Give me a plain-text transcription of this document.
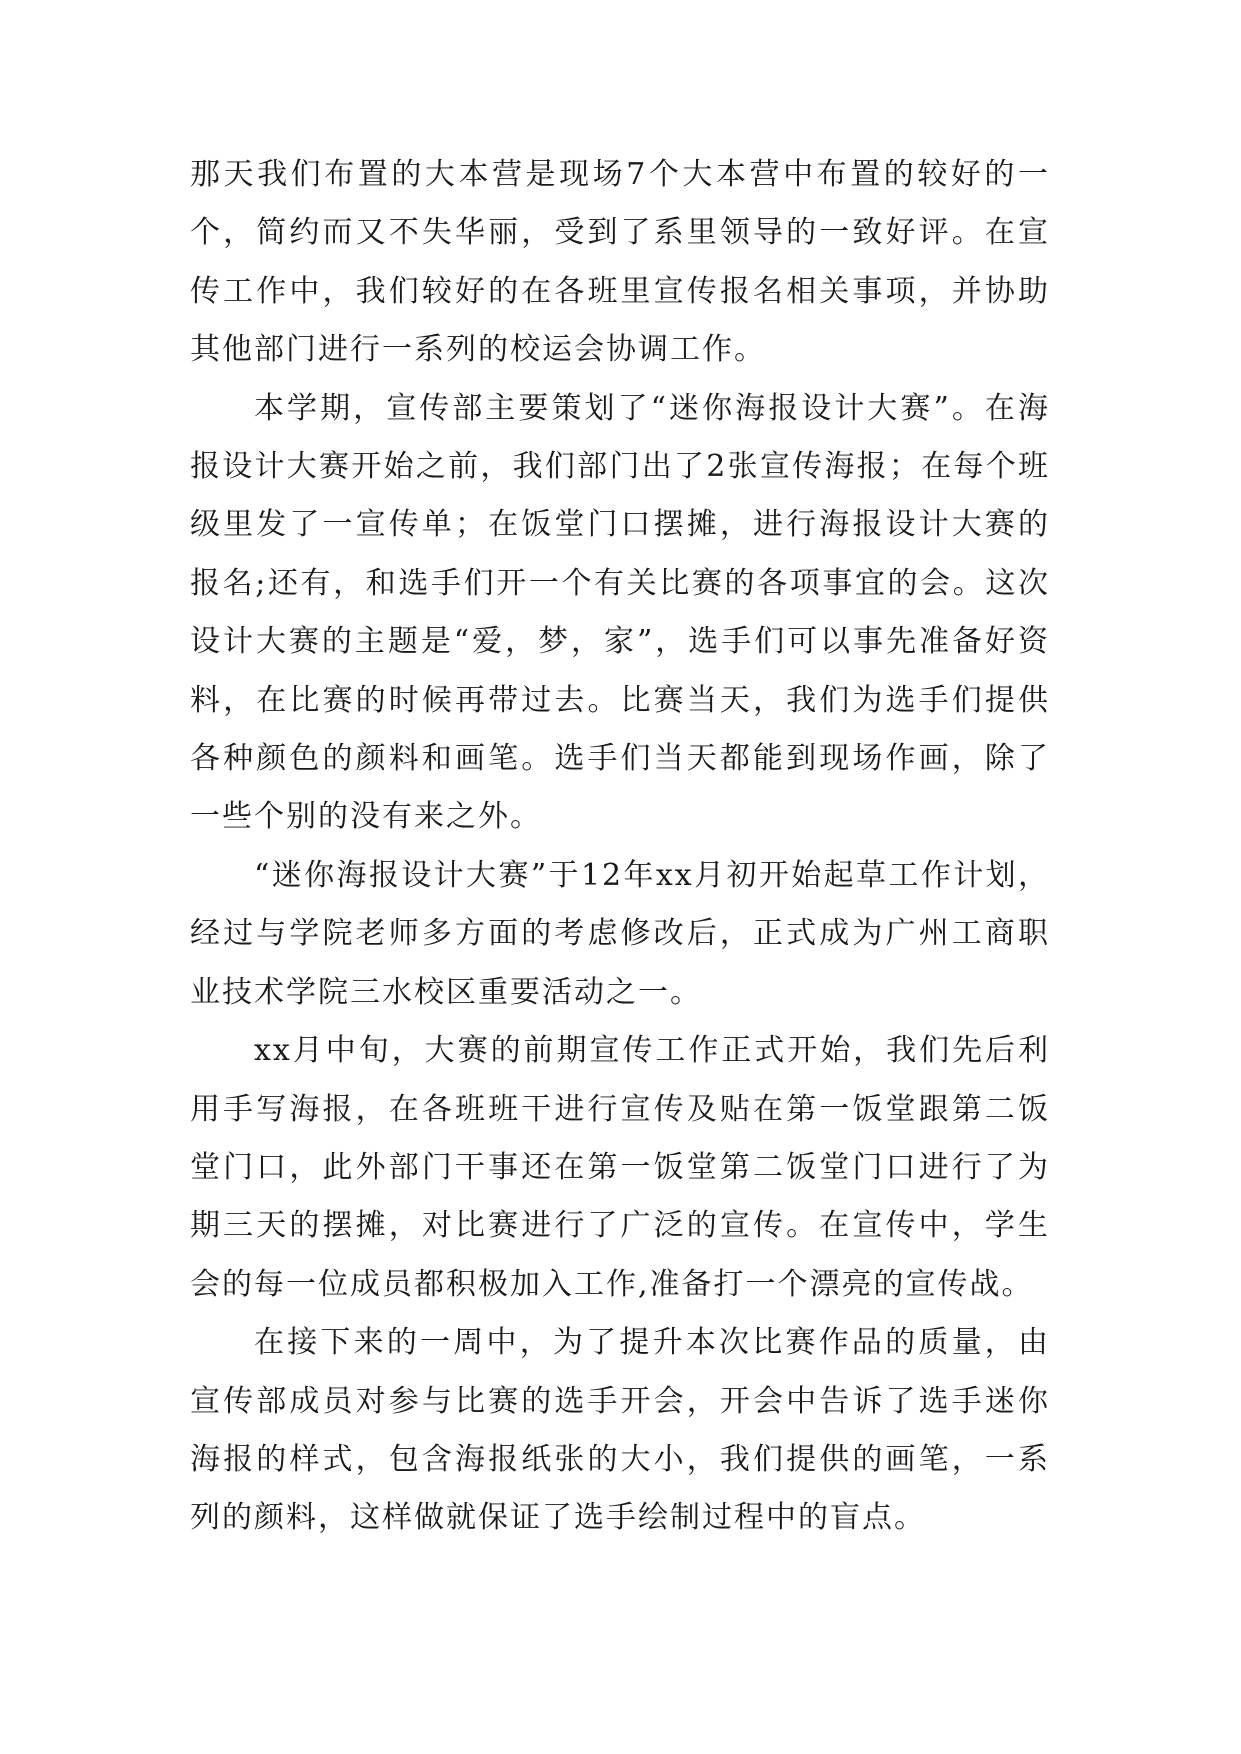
那天我们布置的大本营是现场7个大本营中布置的较好的一个，简约而又不失华丽，受到了系里领导的一致好评。在宣传工作中，我们较好的在各班里宣传报名相关事项，并协助其他部门进行一系列的校运会协调工作。

本学期，宣传部主要策划了“迷你海报设计大赛”。在海报设计大赛开始之前，我们部门出了2张宣传海报；在每个班级里发了一宣传单；在饭堂门口摆摊，进行海报设计大赛的报名;还有，和选手们开一个有关比赛的各项事宜的会。这次设计大赛的主题是“爱，梦，家”，选手们可以事先准备好资料，在比赛的时候再带过去。比赛当天，我们为选手们提供各种颜色的颜料和画笔。选手们当天都能到现场作画，除了一些个别的没有来之外。

“迷你海报设计大赛”于12年xx月初开始起草工作计划，经过与学院老师多方面的考虑修改后，正式成为广州工商职业技术学院三水校区重要活动之一。

xx月中旬，大赛的前期宣传工作正式开始，我们先后利用手写海报，在各班班干进行宣传及贴在第一饭堂跟第二饭堂门口，此外部门干事还在第一饭堂第二饭堂门口进行了为期三天的摆摊，对比赛进行了广泛的宣传。在宣传中，学生会的每一位成员都积极加入工作,准备打一个漂亮的宣传战。

在接下来的一周中，为了提升本次比赛作品的质量，由宣传部成员对参与比赛的选手开会，开会中告诉了选手迷你海报的样式，包含海报纸张的大小，我们提供的画笔，一系列的颜料，这样做就保证了选手绘制过程中的盲点。
